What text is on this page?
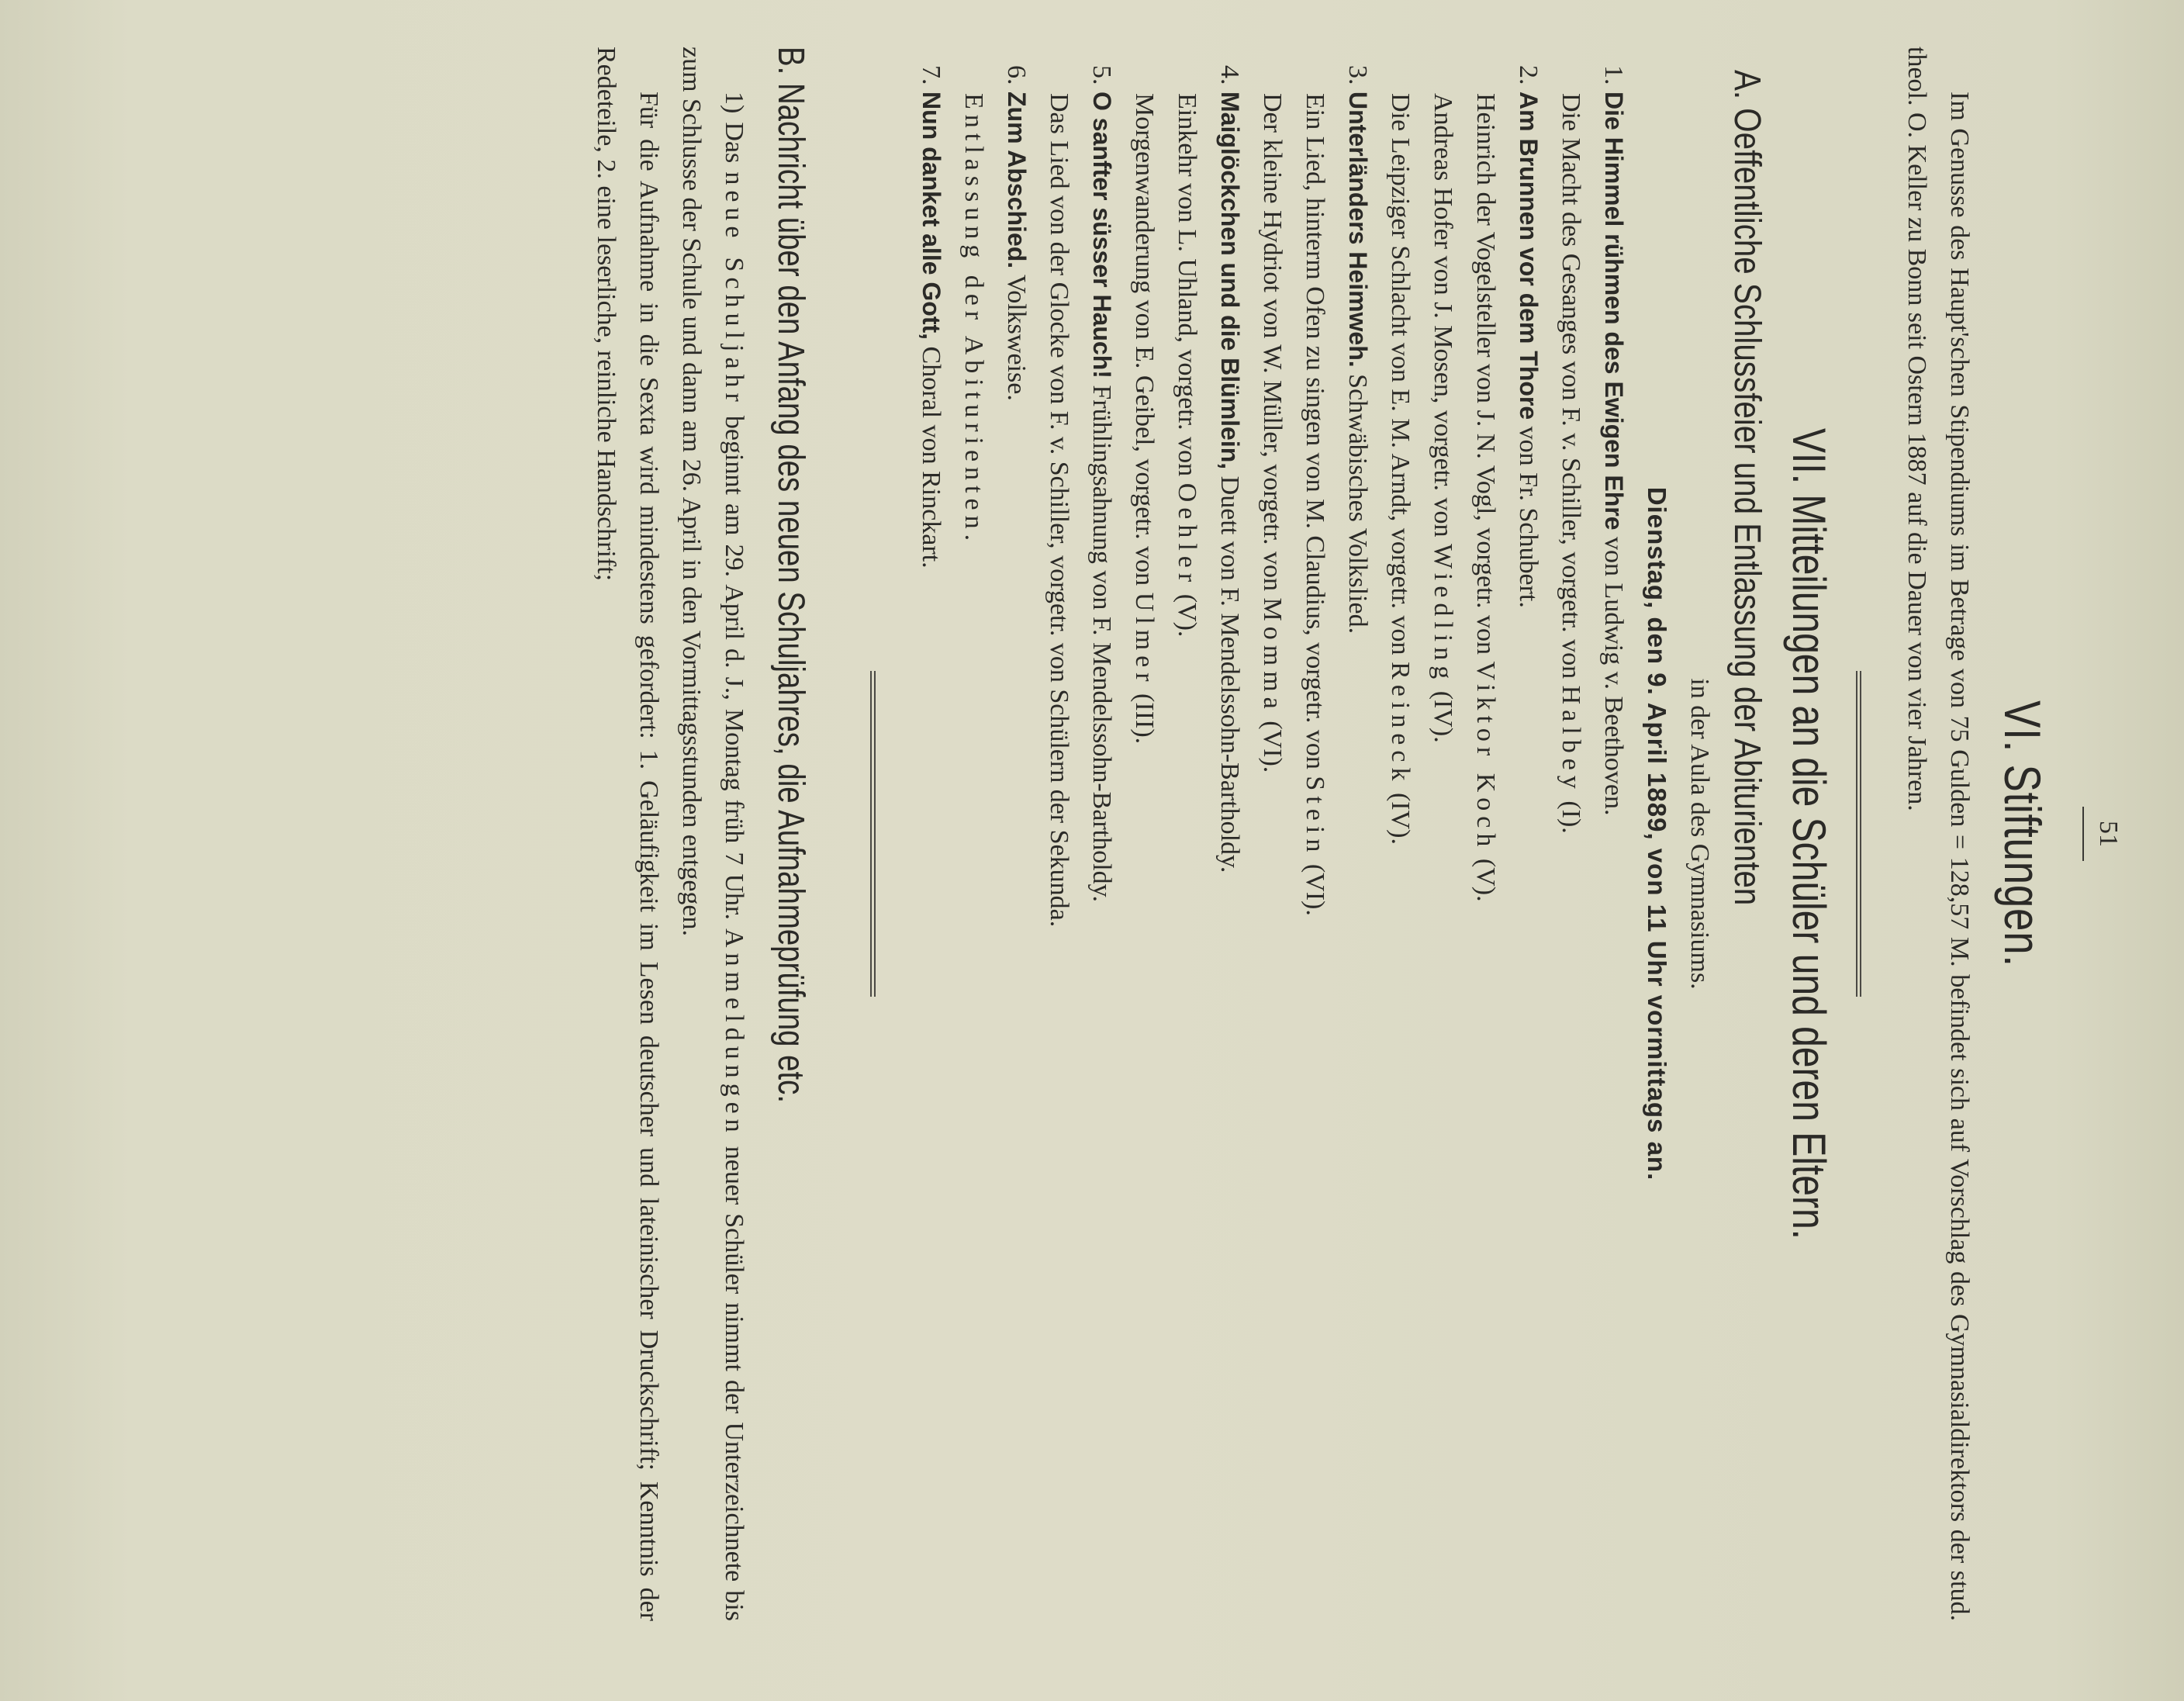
51
VI. Stiftungen.

Im Genusse des Haupt'schen Stipendiums im Betrage von 75 Gulden = 128,57 M. befindet sich auf Vorschlag des Gymnasialdirektors der stud. theol. O. Keller zu Bonn seit Ostern 1887 auf die Dauer von vier Jahren.

VII. Mitteilungen an die Schüler und deren Eltern.
A. Oeffentliche Schlussfeier und Entlassung der Abiturienten

in der Aula des Gymnasiums.

Dienstag, den 9. April 1889, von 11 Uhr vormittags an.

1. Die Himmel rühmen des Ewigen Ehre von Ludwig v. Beethoven.

Die Macht des Gesanges von F. v. Schiller, vorgetr. von Halbey (I).

2. Am Brunnen vor dem Thore von Fr. Schubert.

Heinrich der Vogelsteller von J. N. Vogl, vorgetr. von Viktor Koch (V).

Andreas Hofer von J. Mosen, vorgetr. von Wiedling (IV).

Die Leipziger Schlacht von E. M. Arndt, vorgetr. von Reineck (IV).

3. Unterländers Heimweh. Schwäbisches Volkslied.

Ein Lied, hinterm Ofen zu singen von M. Claudius, vorgetr. von Stein (VI).

Der kleine Hydriot von W. Müller, vorgetr. von Momma (VI).

4. Maiglöckchen und die Blümlein, Duett von F. Mendelssohn-Bartholdy.

Einkehr von L. Uhland, vorgetr. von Oehler (V).

Morgenwanderung von E. Geibel, vorgetr. von Ulmer (III).

5. O sanfter süsser Hauch! Frühlingsahnung von F. Mendelssohn-Bartholdy.

Das Lied von der Glocke von F. v. Schiller, vorgetr. von Schülern der Sekunda.

6. Zum Abschied. Volksweise.

Entlassung der Abiturienten.

7. Nun danket alle Gott, Choral von Rinckart.

B. Nachricht über den Anfang des neuen Schuljahres, die Aufnahmeprüfung etc.

1) Das neue Schuljahr beginnt am 29. April d. J., Montag früh 7 Uhr. Anmeldungen neuer Schüler nimmt der Unterzeichnete bis zum Schlusse der Schule und dann am 26. April in den Vormittagsstunden entgegen.

Für die Aufnahme in die Sexta wird mindestens gefordert: 1. Geläufigkeit im Lesen deutscher und lateinischer Druckschrift; Kenntnis der Redeteile, 2. eine leserliche, reinliche Handschrift;
